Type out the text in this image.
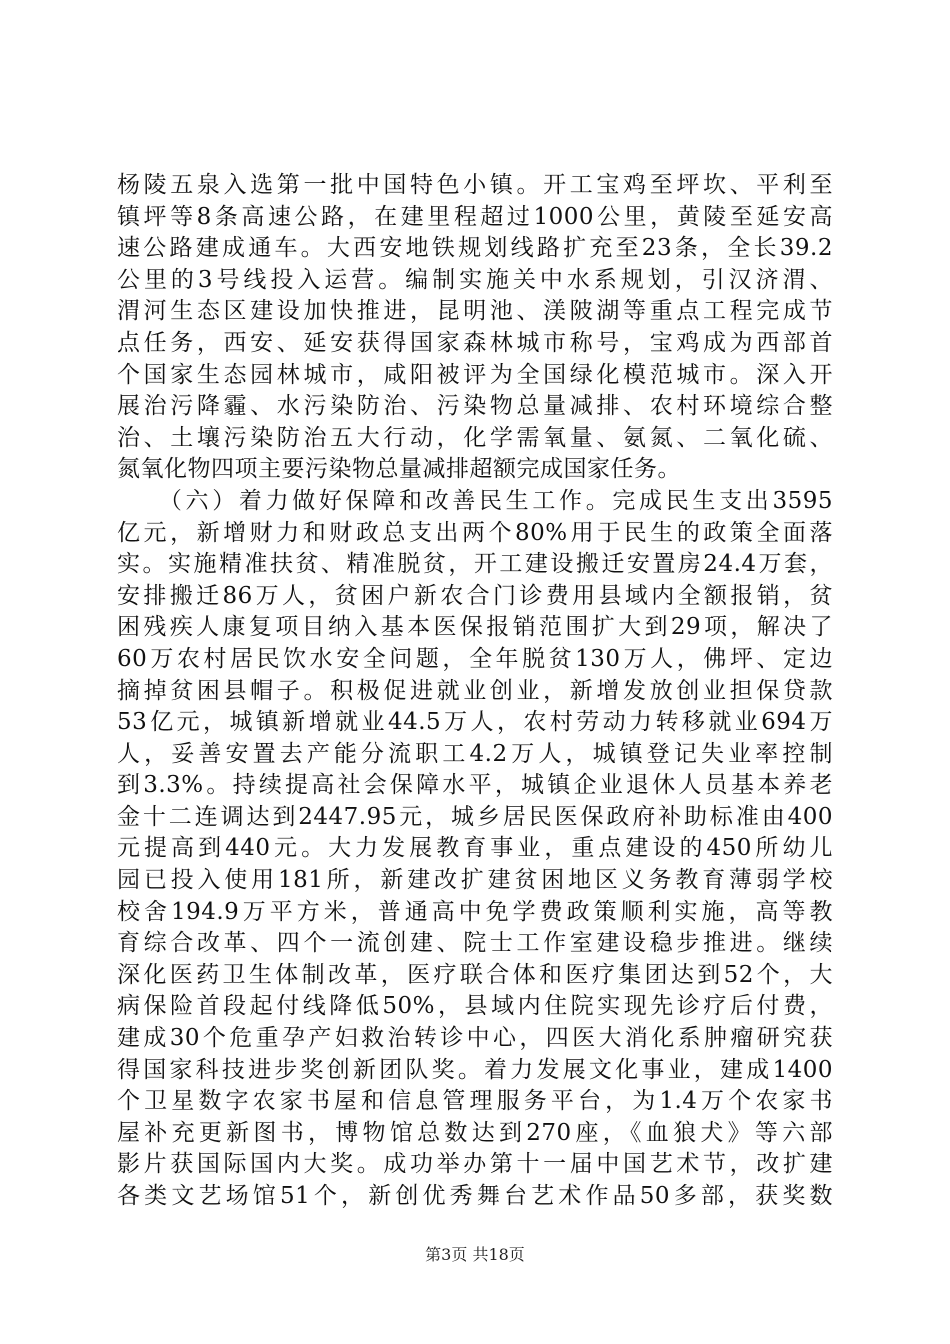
杨陵五泉入选第一批中国特色小镇。开工宝鸡至坪坎、平利至
镇坪等8条高速公路，在建里程超过1000公里，黄陵至延安高
速公路建成通车。大西安地铁规划线路扩充至23条，全长39.2
公里的3号线投入运营。编制实施关中水系规划，引汉济渭、
渭河生态区建设加快推进，昆明池、渼陂湖等重点工程完成节
点任务，西安、延安获得国家森林城市称号，宝鸡成为西部首
个国家生态园林城市，咸阳被评为全国绿化模范城市。深入开
展治污降霾、水污染防治、污染物总量减排、农村环境综合整
治、土壤污染防治五大行动，化学需氧量、氨氮、二氧化硫、
氮氧化物四项主要污染物总量减排超额完成国家任务。
　　（六）着力做好保障和改善民生工作。完成民生支出3595
亿元，新增财力和财政总支出两个80%用于民生的政策全面落
实。实施精准扶贫、精准脱贫，开工建设搬迁安置房24.4万套，
安排搬迁86万人，贫困户新农合门诊费用县域内全额报销，贫
困残疾人康复项目纳入基本医保报销范围扩大到29项，解决了
60万农村居民饮水安全问题，全年脱贫130万人，佛坪、定边
摘掉贫困县帽子。积极促进就业创业，新增发放创业担保贷款
53亿元，城镇新增就业44.5万人，农村劳动力转移就业694万
人，妥善安置去产能分流职工4.2万人，城镇登记失业率控制
到3.3%。持续提高社会保障水平，城镇企业退休人员基本养老
金十二连调达到2447.95元，城乡居民医保政府补助标准由400
元提高到440元。大力发展教育事业，重点建设的450所幼儿
园已投入使用181所，新建改扩建贫困地区义务教育薄弱学校
校舍194.9万平方米，普通高中免学费政策顺利实施，高等教
育综合改革、四个一流创建、院士工作室建设稳步推进。继续
深化医药卫生体制改革，医疗联合体和医疗集团达到52个，大
病保险首段起付线降低50%，县域内住院实现先诊疗后付费，
建成30个危重孕产妇救治转诊中心，四医大消化系肿瘤研究获
得国家科技进步奖创新团队奖。着力发展文化事业，建成1400
个卫星数字农家书屋和信息管理服务平台，为1.4万个农家书
屋补充更新图书，博物馆总数达到270座，《血狼犬》等六部
影片获国际国内大奖。成功举办第十一届中国艺术节，改扩建
各类文艺场馆51个，新创优秀舞台艺术作品50多部，获奖数
第3页 共18页
